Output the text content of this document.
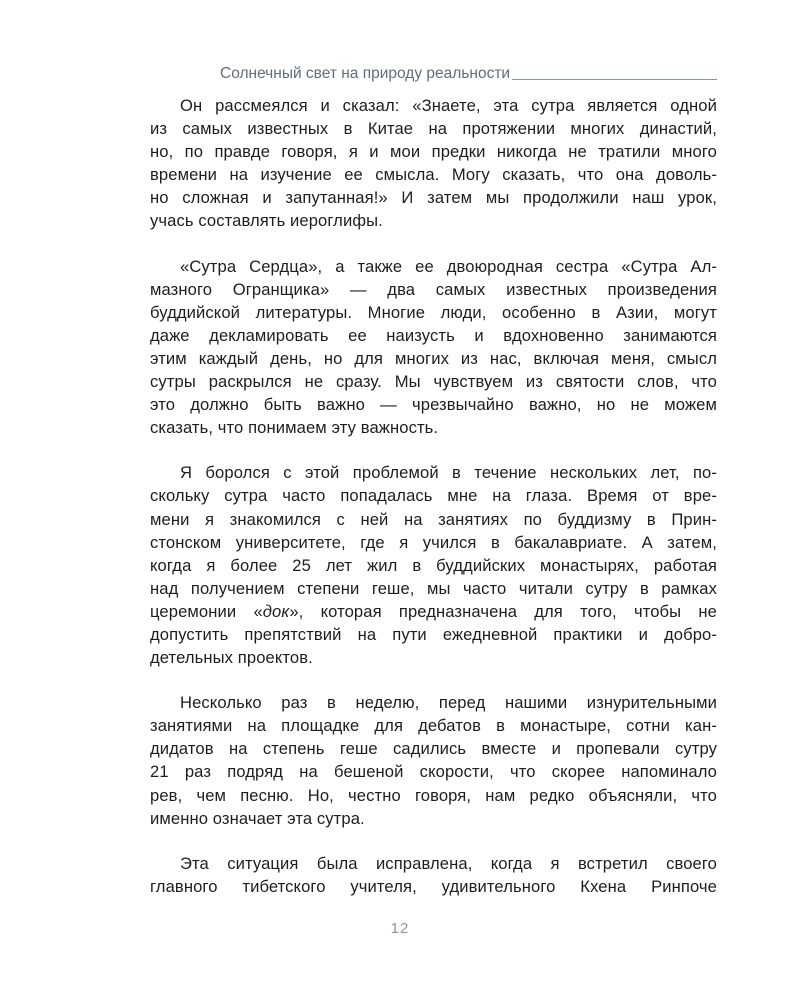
Солнечный свет на природу реальности

Он рассмеялся и сказал: «Знаете, эта сутра является одной
из самых известных в Китае на протяжении многих династий,
но, по правде говоря, я и мои предки никогда не тратили много
времени на изучение ее смысла. Могу сказать, что она доволь-
но сложная и запутанная!» И затем мы продолжили наш урок,
учась составлять иероглифы.

«Сутра Сердца», а также ее двоюродная сестра «Сутра Ал-
мазного Огранщика» — два самых известных произведения
буддийской литературы. Многие люди, особенно в Азии, могут
даже декламировать ее наизусть и вдохновенно занимаются
этим каждый день, но для многих из нас, включая меня, смысл
сутры раскрылся не сразу. Мы чувствуем из святости слов, что
это должно быть важно — чрезвычайно важно, но не можем
сказать, что понимаем эту важность.

Я боролся с этой проблемой в течение нескольких лет, по-
скольку сутра часто попадалась мне на глаза. Время от вре-
мени я знакомился с ней на занятиях по буддизму в Прин-
стонском университете, где я учился в бакалавриате. А затем,
когда я более 25 лет жил в буддийских монастырях, работая
над получением степени геше, мы часто читали сутру в рамках
церемонии «док», которая предназначена для того, чтобы не
допустить препятствий на пути ежедневной практики и добро-
детельных проектов.

Несколько раз в неделю, перед нашими изнурительными
занятиями на площадке для дебатов в монастыре, сотни кан-
дидатов на степень геше садились вместе и пропевали сутру
21 раз подряд на бешеной скорости, что скорее напоминало
рев, чем песню. Но, честно говоря, нам редко объясняли, что
именно означает эта сутра.

Эта ситуация была исправлена, когда я встретил своего
главного тибетского учителя, удивительного Кхена Ринпоче

12
